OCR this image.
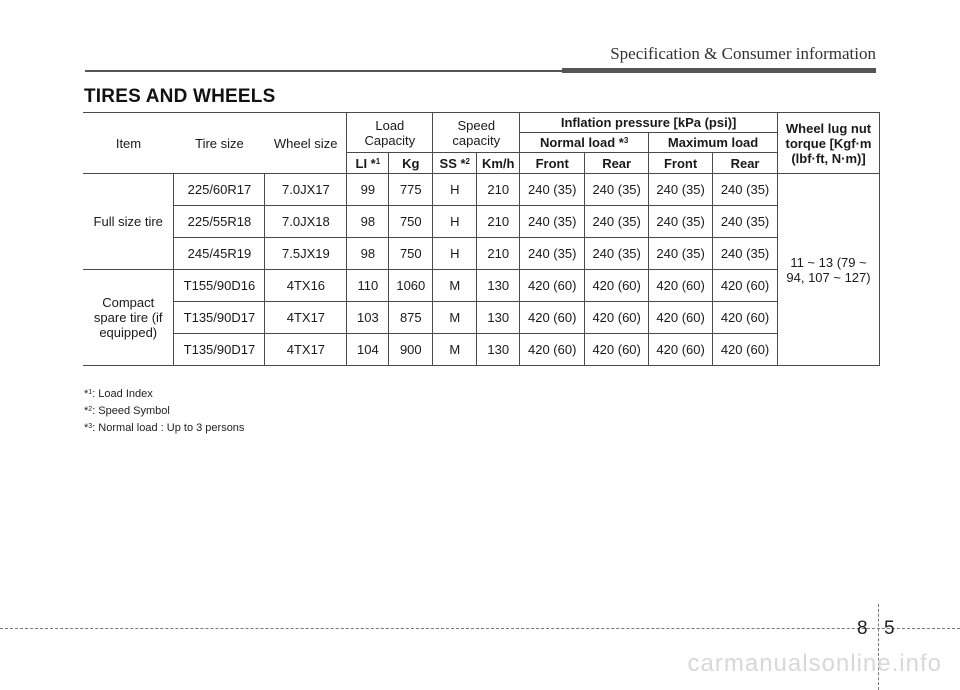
Specification & Consumer information
TIRES AND WHEELS
Item	Tire size	Wheel size	Load Capacity		Speed capacity		Inflation pressure [kPa (psi)]				Wheel lug nut torque [Kgf·m (lbf·ft, N·m)]
							Normal load *$^3$		Maximum load		
			LI *$^1$	Kg	SS *$^2$	Km/h	Front	Rear	Front	Rear	
Full size tire	225/60R17	7.0JX17	99	775	H	210	240 (35)	240 (35)	240 (35)	240 (35)	11 ~ 13 (79 ~ 94, 107 ~ 127)
	225/55R18	7.0JX18	98	750	H	210	240 (35)	240 (35)	240 (35)	240 (35)	
	245/45R19	7.5JX19	98	750	H	210	240 (35)	240 (35)	240 (35)	240 (35)	
Compact spare tire (if equipped)	T155/90D16	4TX16	110	1060	M	130	420 (60)	420 (60)	420 (60)	420 (60)	
	T135/90D17	4TX17	103	875	M	130	420 (60)	420 (60)	420 (60)	420 (60)	
	T135/90D17	4TX17	104	900	M	130	420 (60)	420 (60)	420 (60)	420 (60)	
*$^1$: Load Index
*$^2$: Speed Symbol
*$^3$: Normal load : Up to 3 persons
8 5
carmanualsonline.info
